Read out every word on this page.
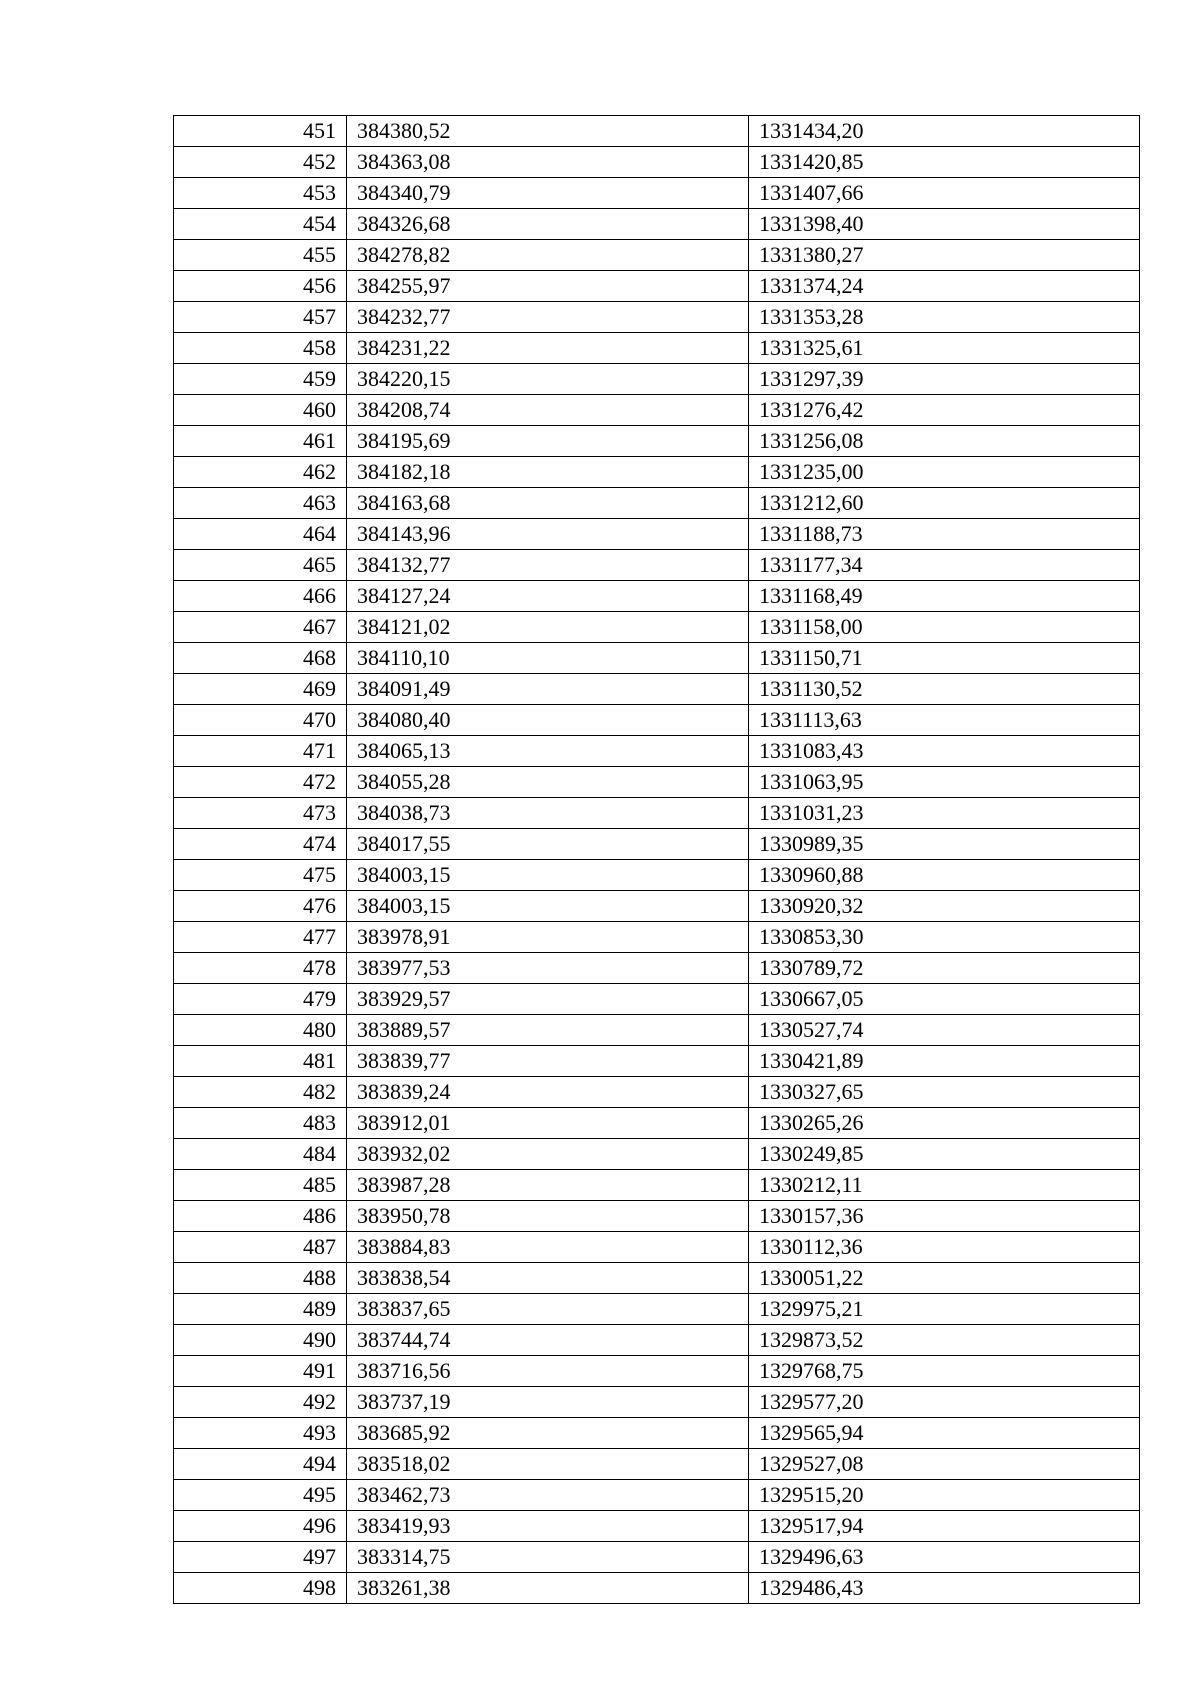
451	384380,52	1331434,20
452	384363,08	1331420,85
453	384340,79	1331407,66
454	384326,68	1331398,40
455	384278,82	1331380,27
456	384255,97	1331374,24
457	384232,77	1331353,28
458	384231,22	1331325,61
459	384220,15	1331297,39
460	384208,74	1331276,42
461	384195,69	1331256,08
462	384182,18	1331235,00
463	384163,68	1331212,60
464	384143,96	1331188,73
465	384132,77	1331177,34
466	384127,24	1331168,49
467	384121,02	1331158,00
468	384110,10	1331150,71
469	384091,49	1331130,52
470	384080,40	1331113,63
471	384065,13	1331083,43
472	384055,28	1331063,95
473	384038,73	1331031,23
474	384017,55	1330989,35
475	384003,15	1330960,88
476	384003,15	1330920,32
477	383978,91	1330853,30
478	383977,53	1330789,72
479	383929,57	1330667,05
480	383889,57	1330527,74
481	383839,77	1330421,89
482	383839,24	1330327,65
483	383912,01	1330265,26
484	383932,02	1330249,85
485	383987,28	1330212,11
486	383950,78	1330157,36
487	383884,83	1330112,36
488	383838,54	1330051,22
489	383837,65	1329975,21
490	383744,74	1329873,52
491	383716,56	1329768,75
492	383737,19	1329577,20
493	383685,92	1329565,94
494	383518,02	1329527,08
495	383462,73	1329515,20
496	383419,93	1329517,94
497	383314,75	1329496,63
498	383261,38	1329486,43
